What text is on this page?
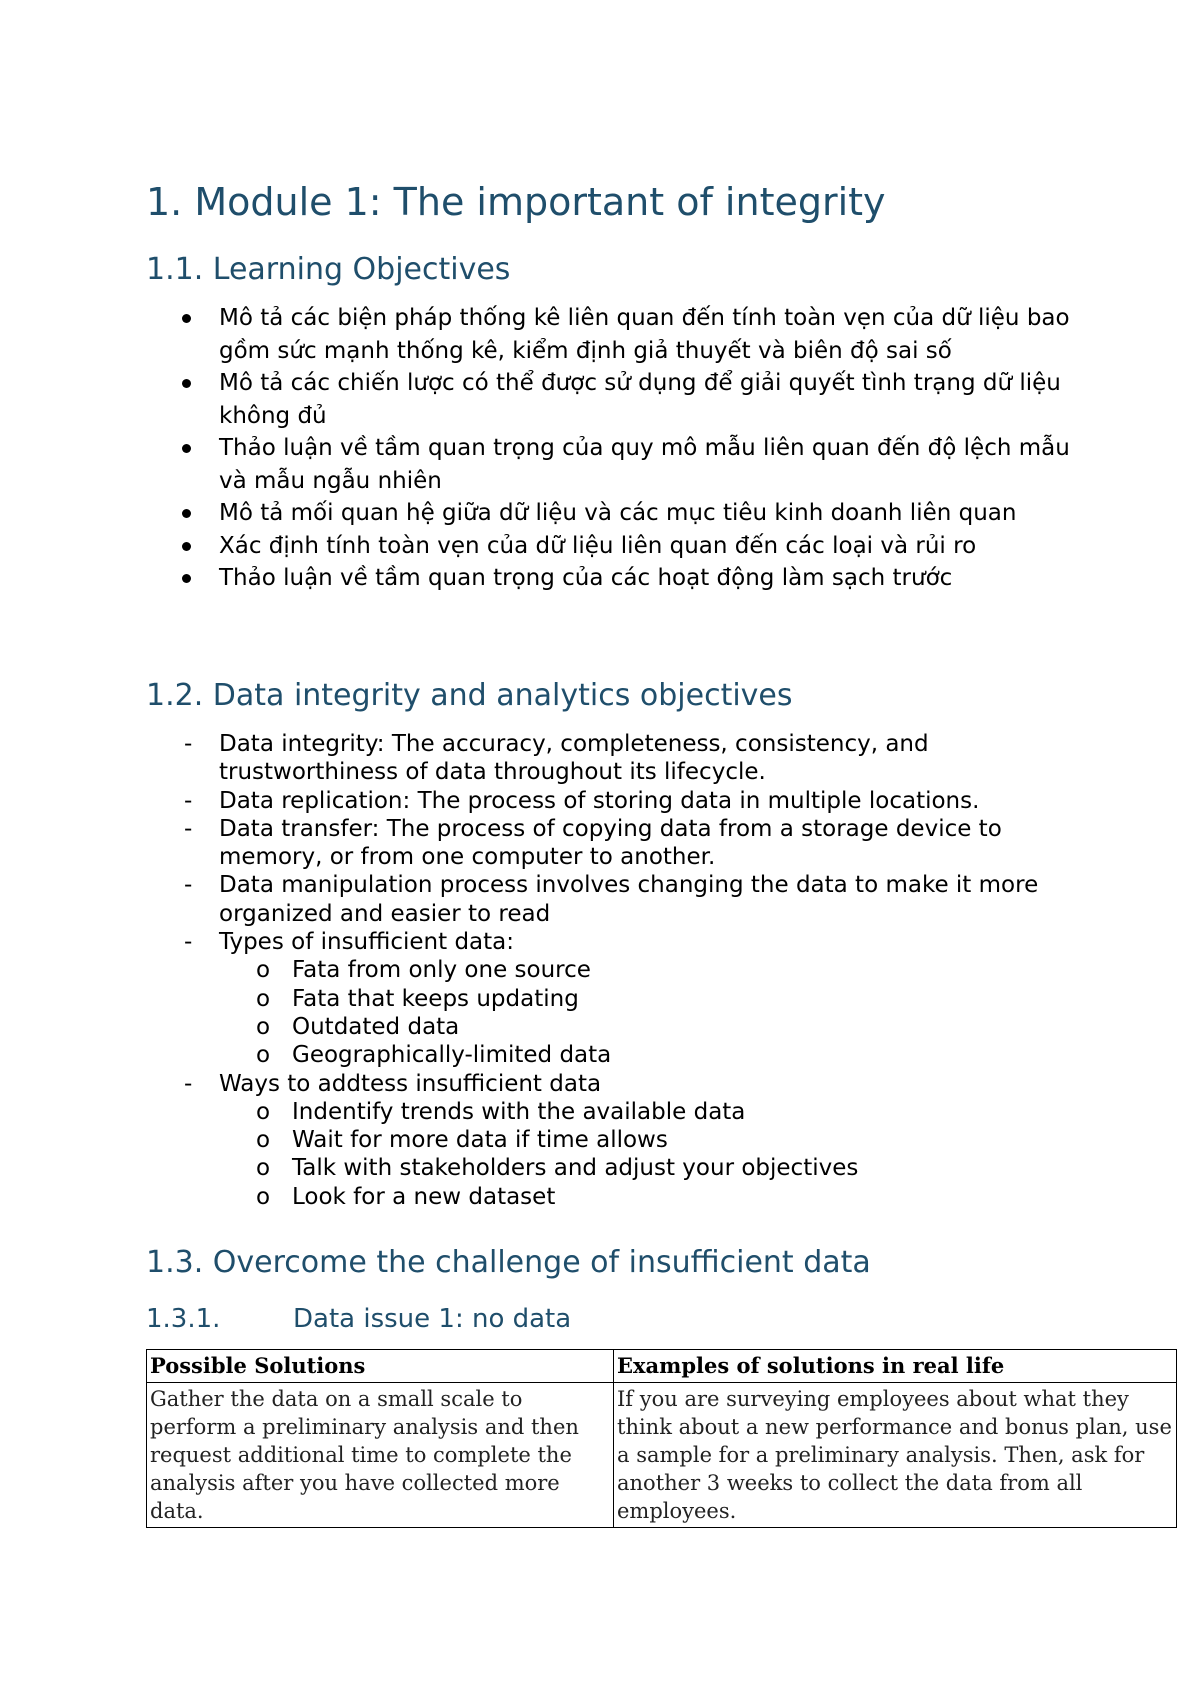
1. Module 1: The important of integrity
1.1. Learning Objectives
Mô tả các biện pháp thống kê liên quan đến tính toàn vẹn của dữ liệu bao gồm sức mạnh thống kê, kiểm định giả thuyết và biên độ sai số
Mô tả các chiến lược có thể được sử dụng để giải quyết tình trạng dữ liệu không đủ
Thảo luận về tầm quan trọng của quy mô mẫu liên quan đến độ lệch mẫu và mẫu ngẫu nhiên
Mô tả mối quan hệ giữa dữ liệu và các mục tiêu kinh doanh liên quan
Xác định tính toàn vẹn của dữ liệu liên quan đến các loại và rủi ro
Thảo luận về tầm quan trọng của các hoạt động làm sạch trước
1.2. Data integrity and analytics objectives
- Data integrity: The accuracy, completeness, consistency, and trustworthiness of data throughout its lifecycle.
- Data replication: The process of storing data in multiple locations.
- Data transfer: The process of copying data from a storage device to memory, or from one computer to another.
- Data manipulation process involves changing the data to make it more organized and easier to read
- Types of insufficient data:
o Fata from only one source
o Fata that keeps updating
o Outdated data
o Geographically-limited data
- Ways to addtess insufficient data
o Indentify trends with the available data
o Wait for more data if time allows
o Talk with stakeholders and adjust your objectives
o Look for a new dataset
1.3. Overcome the challenge of insufficient data
1.3.1.	Data issue 1: no data
Possible Solutions	Examples of solutions in real life
Gather the data on a small scale to perform a preliminary analysis and then request additional time to complete the analysis after you have collected more data.	If you are surveying employees about what they think about a new performance and bonus plan, use a sample for a preliminary analysis. Then, ask for another 3 weeks to collect the data from all employees.
